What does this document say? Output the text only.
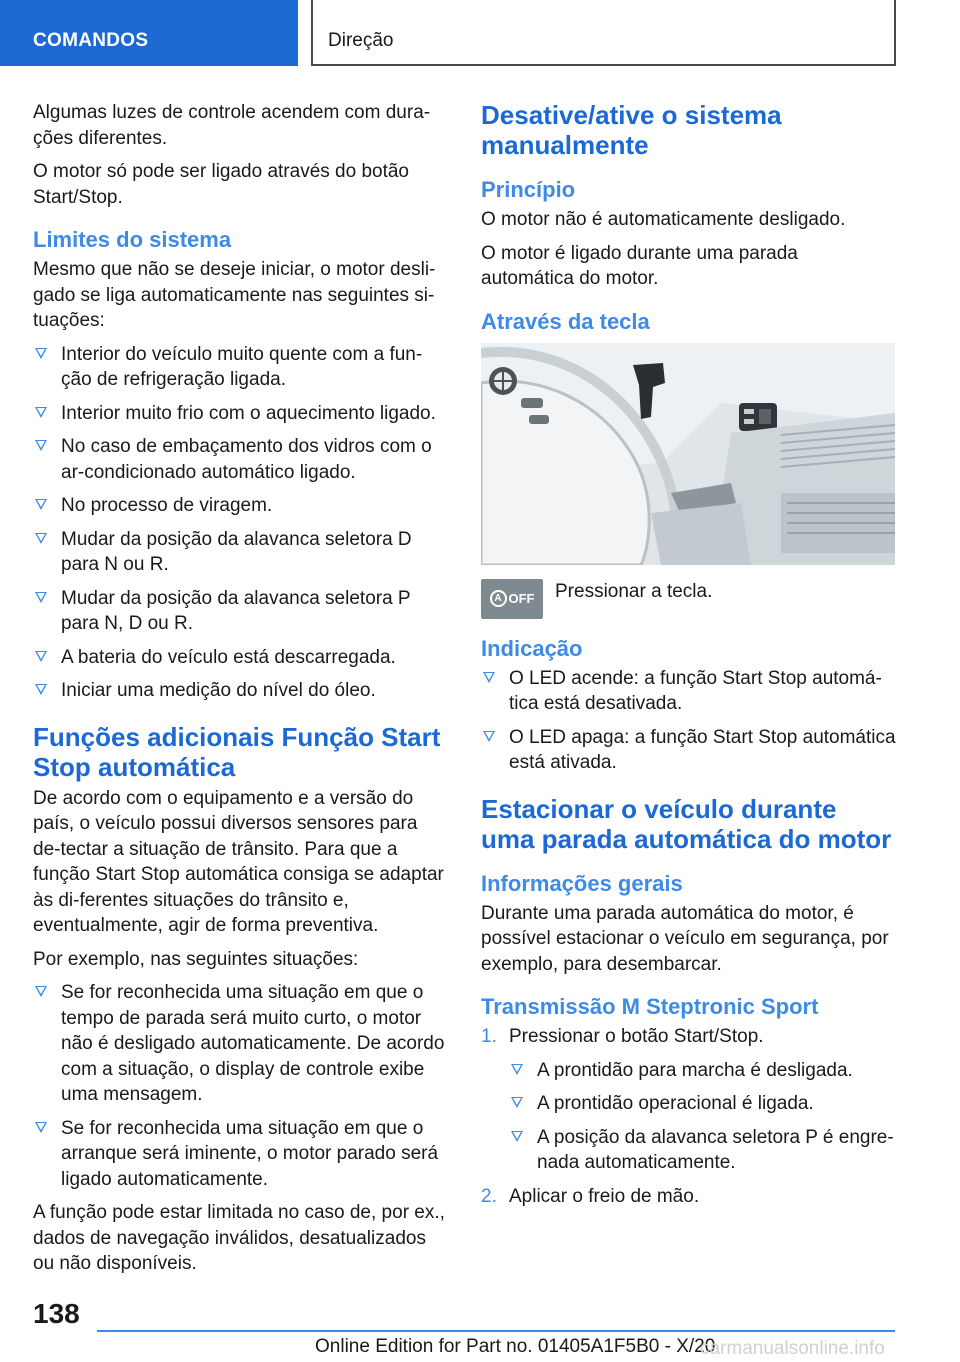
COMANDOS	Direção

Algumas luzes de controle acendem com dura-ções diferentes.

O motor só pode ser ligado através do botão Start/Stop.

Limites do sistema

Mesmo que não se deseje iniciar, o motor desli-gado se liga automaticamente nas seguintes si-tuações:

Interior do veículo muito quente com a fun-ção de refrigeração ligada.
Interior muito frio com o aquecimento ligado.
No caso de embaçamento dos vidros com o ar-condicionado automático ligado.
No processo de viragem.
Mudar da posição da alavanca seletora D para N ou R.
Mudar da posição da alavanca seletora P para N, D ou R.
A bateria do veículo está descarregada.
Iniciar uma medição do nível do óleo.
Funções adicionais Função Start Stop automática

De acordo com o equipamento e a versão do país, o veículo possui diversos sensores para de-tectar a situação de trânsito. Para que a função Start Stop automática consiga se adaptar às di-ferentes situações do trânsito e, eventualmente, agir de forma preventiva.

Por exemplo, nas seguintes situações:

Se for reconhecida uma situação em que o tempo de parada será muito curto, o motor não é desligado automaticamente. De acordo com a situação, o display de controle exibe uma mensagem.
Se for reconhecida uma situação em que o arranque será iminente, o motor parado será ligado automaticamente.

A função pode estar limitada no caso de, por ex., dados de navegação inválidos, desatualizados ou não disponíveis.

Desative/ative o sistema manualmente
Princípio

O motor não é automaticamente desligado.

O motor é ligado durante uma parada automática do motor.

Através da tecla
A OFF Pressionar a tecla.

Indicação
O LED acende: a função Start Stop automá-tica está desativada.
O LED apaga: a função Start Stop automática está ativada.
Estacionar o veículo durante uma parada automática do motor
Informações gerais

Durante uma parada automática do motor, é possível estacionar o veículo em segurança, por exemplo, para desembarcar.

Transmissão M Steptronic Sport
1. Pressionar o botão Start/Stop.
A prontidão para marcha é desligada.
A prontidão operacional é ligada.
A posição da alavanca seletora P é engre-nada automaticamente.
2. Aplicar o freio de mão.
138
Online Edition for Part no. 01405A1F5B0 - X/20
carmanualsonline.info
